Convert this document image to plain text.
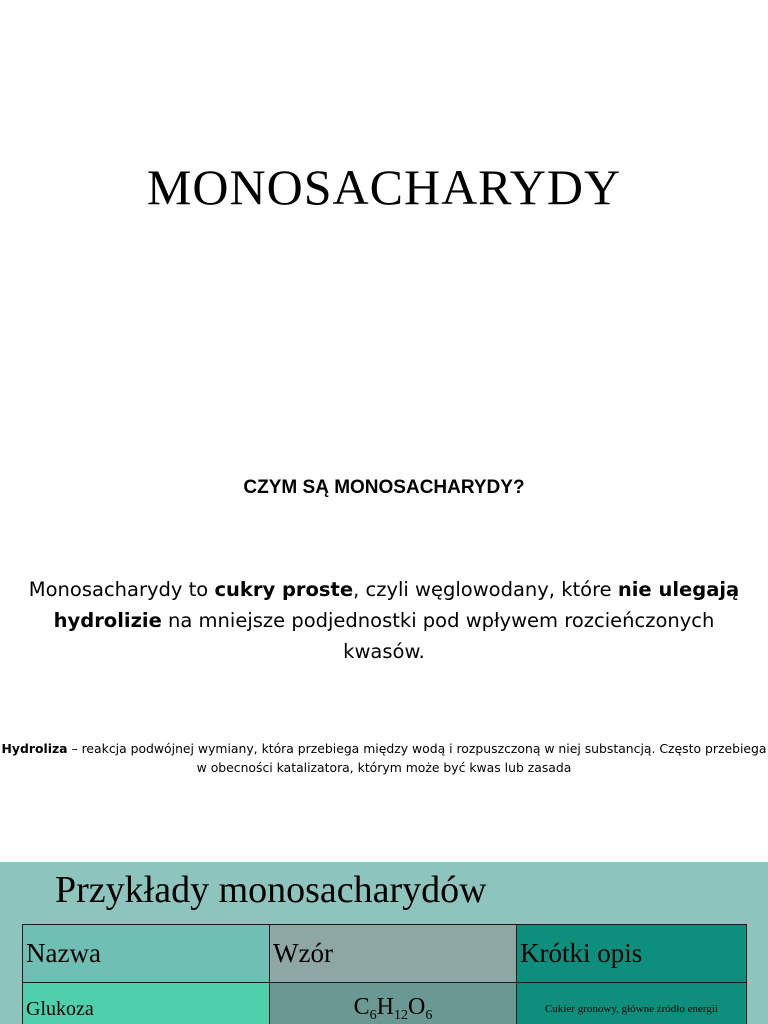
MONOSACHARYDY
CZYM SĄ MONOSACHARYDY?
Monosacharydy to cukry proste, czyli węglowodany, które nie ulegają hydrolizie na mniejsze podjednostki pod wpływem rozcieńczonych kwasów.
Hydroliza – reakcja podwójnej wymiany, która przebiega między wodą i rozpuszczoną w niej substancją. Często przebiega w obecności katalizatora, którym może być kwas lub zasada
Przykłady monosacharydów
Nazwa	Wzór	Krótki opis
Glukoza	$C_6H_{12}O_6$	Cukier gronowy, główne źródło energii
